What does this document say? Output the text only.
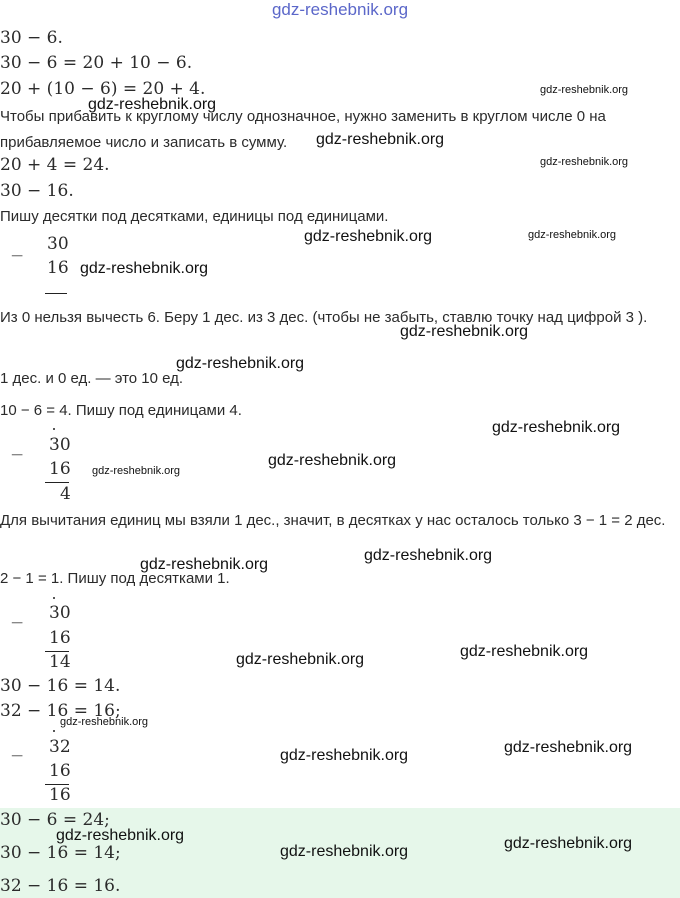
gdz-reshebnik.org
30 − 6.
30 − 6 = 20 + 10 − 6.
20 + (10 − 6) = 20 + 4.
Чтобы прибавить к круглому числу однозначное, нужно заменить в круглом числе 0 на прибавляемое число и записать в сумму.
20 + 4 = 24.
30 − 16.
Пишу десятки под десятками, единицы под единицами.
−
30
16
Из 0 нельзя вычесть 6. Беру 1 дес. из 3 дес. (чтобы не забыть, ставлю точку над цифрой 3 ).
1 дес. и 0 ед. — это 10 ед.
10 − 6 = 4. Пишу под единицами 4.
− 30
16
4
Для вычитания единиц мы взяли 1 дес., значит, в десятках у нас осталось только 3 − 1 = 2 дес.
2 − 1 = 1. Пишу под десятками 1.
− 30
16
14
30 − 16 = 14.
32 − 16 = 16;
− 32
16
16
30 − 6 = 24;
30 − 16 = 14;
32 − 16 = 16.
gdz-reshebnik.org
gdz-reshebnik.org
gdz-reshebnik.org
gdz-reshebnik.org
gdz-reshebnik.org	gdz-reshebnik.org
gdz-reshebnik.org
gdz-reshebnik.org
gdz-reshebnik.org
gdz-reshebnik.org
gdz-reshebnik.org
gdz-reshebnik.org
gdz-reshebnik.org
gdz-reshebnik.org
gdz-reshebnik.org
gdz-reshebnik.org
gdz-reshebnik.org
gdz-reshebnik.org
gdz-reshebnik.org
gdz-reshebnik.org	gdz-reshebnik.org
gdz-reshebnik.org
